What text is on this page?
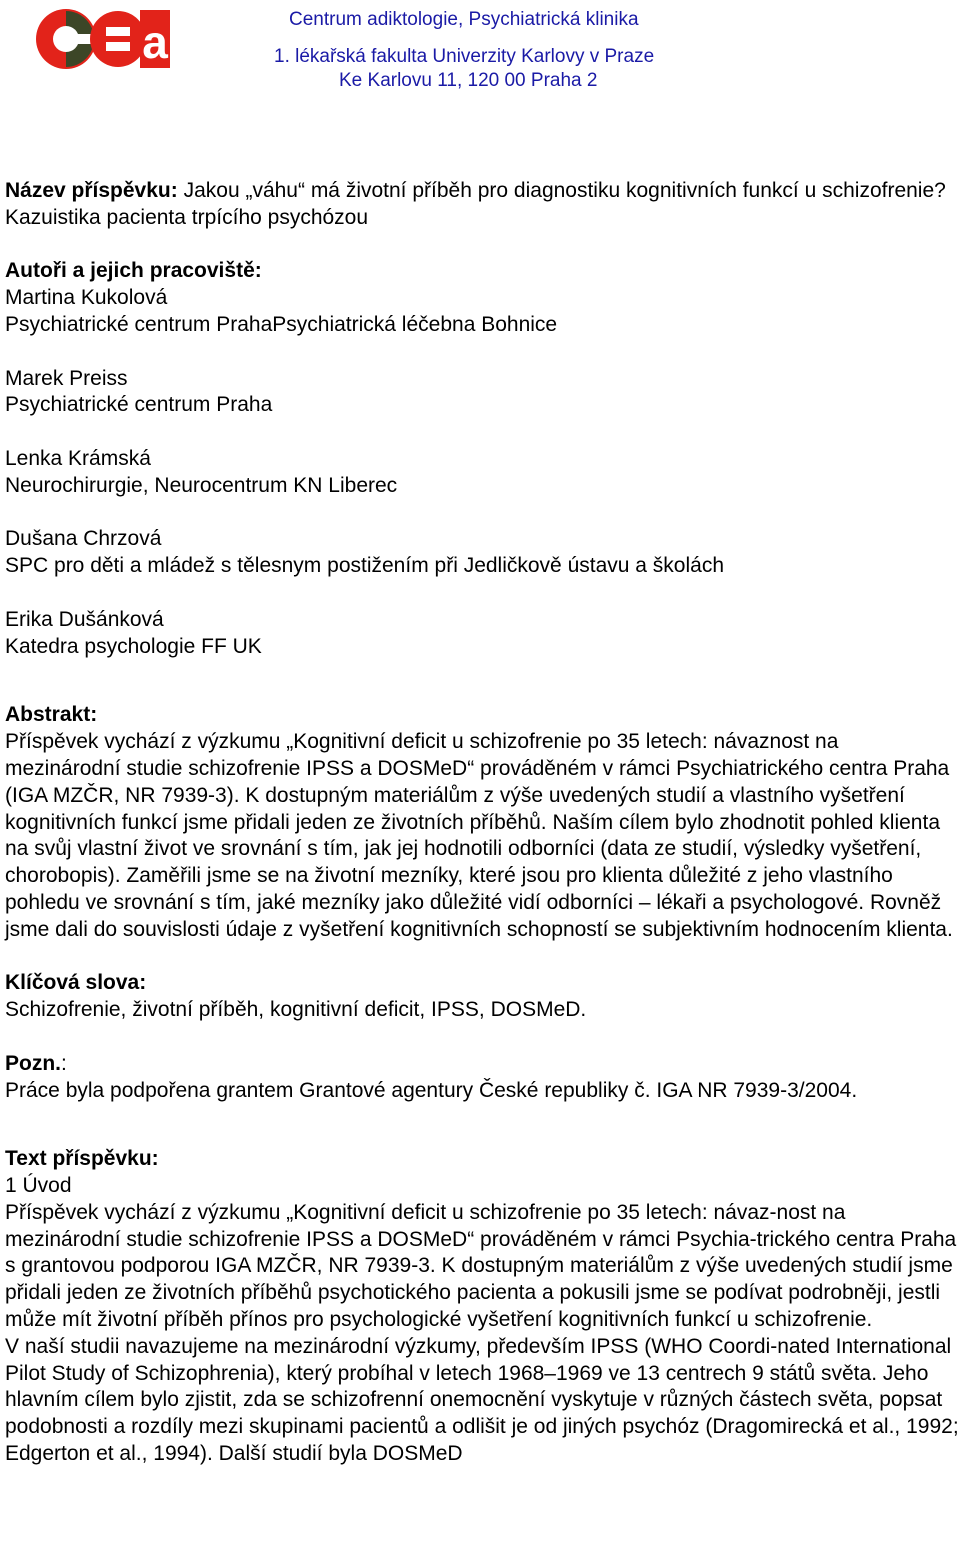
a	Centrum adiktologie, Psychiatrická klinika
1. lékařská fakulta Univerzity Karlovy v Praze
Ke Karlovu 11, 120 00 Praha 2

Název příspěvku: Jakou „váhu“ má životní příběh pro diagnostiku kognitivních funkcí u schizofrenie?Kazuistika pacienta trpícího psychózou

Autoři a jejich pracoviště:

Martina Kukolová

Psychiatrické centrum PrahaPsychiatrická léčebna Bohnice

Marek Preiss

Psychiatrické centrum Praha

Lenka Krámská

Neurochirurgie, Neurocentrum KN Liberec

Dušana Chrzová

SPC pro děti a mládež s tělesnym postižením při Jedličkově ústavu a školách

Erika Dušánková

Katedra psychologie FF UK

Abstrakt:

Příspěvek vychází z výzkumu „Kognitivní deficit u schizofrenie po 35 letech: návaznost na mezinárodní studie schizofrenie IPSS a DOSMeD“ prováděném v rámci Psychiatrického centra Praha (IGA MZČR, NR 7939-3). K dostupným materiálům z výše uvedených studií a vlastního vyšetření kognitivních funkcí jsme přidali jeden ze životních příběhů. Naším cílem bylo zhodnotit pohled klienta na svůj vlastní život ve srovnání s tím, jak jej hodnotili odborníci (data ze studií, výsledky vyšetření, chorobopis). Zaměřili jsme se na životní mezníky, které jsou pro klienta důležité z jeho vlastního pohledu ve srovnání s tím, jaké mezníky jako důležité vidí odborníci – lékaři a psychologové. Rovněž jsme dali do souvislosti údaje z vyšetření kognitivních schopností se subjektivním hodnocením klienta.

Klíčová slova:

Schizofrenie, životní příběh, kognitivní deficit, IPSS, DOSMeD.

Pozn.:

Práce byla podpořena grantem Grantové agentury České republiky č. IGA NR 7939-3/2004.

Text příspěvku:

1 Úvod

Příspěvek vychází z výzkumu „Kognitivní deficit u schizofrenie po 35 letech: návaz-nost na mezinárodní studie schizofrenie IPSS a DOSMeD“ prováděném v rámci Psychia-trického centra Praha s grantovou podporou IGA MZČR, NR 7939-3. K dostupným materiálům z výše uvedených studií jsme přidali jeden ze životních příběhů psychotického pacienta a pokusili jsme se podívat podrobněji, jestli může mít životní příběh přínos pro psychologické vyšetření kognitivních funkcí u schizofrenie.

V naší studii navazujeme na mezinárodní výzkumy, především IPSS (WHO Coordi-nated International Pilot Study of Schizophrenia), který probíhal v letech 1968–1969 ve 13 centrech 9 států světa. Jeho hlavním cílem bylo zjistit, zda se schizofrenní onemocnění vyskytuje v různých částech světa, popsat podobnosti a rozdíly mezi skupinami pacientů a odlišit je od jiných psychóz (Dragomirecká et al., 1992; Edgerton et al., 1994). Další studií byla DOSMeD
